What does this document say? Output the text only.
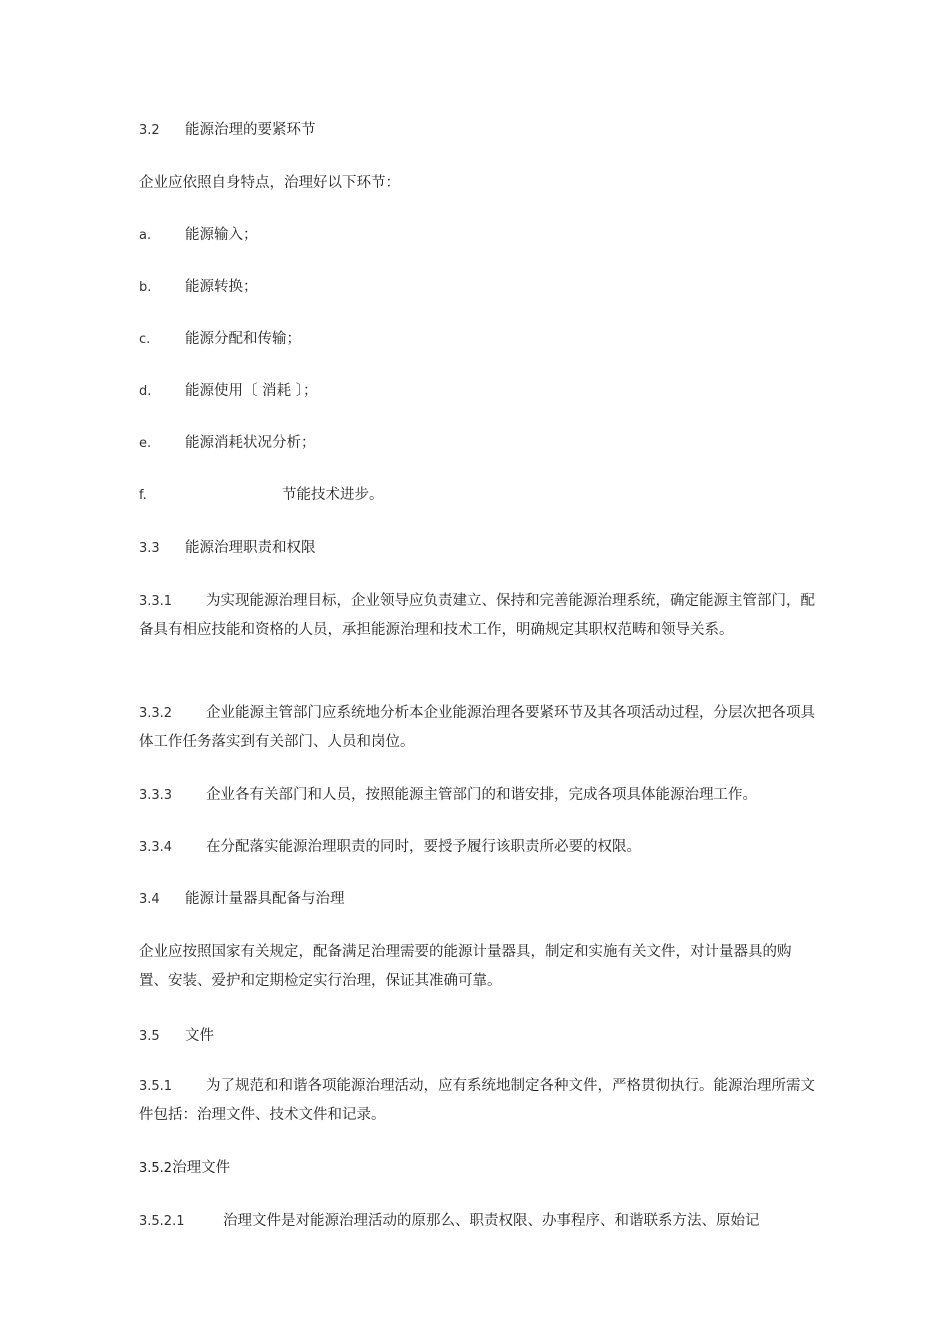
3.2 能源治理的要紧环节
企业应依照自身特点，治理好以下环节：
a. 能源输入；
b. 能源转换；
c. 能源分配和传输；
d. 能源使用〔 消耗 〕；
e. 能源消耗状况分析；
f.	节能技术进步。
3.3 能源治理职责和权限
3.3.1 为实现能源治理目标，企业领导应负责建立、保持和完善能源治理系统，确定能源主管部门，配备具有相应技能和资格的人员，承担能源治理和技术工作，明确规定其职权范畴和领导关系。
3.3.2 企业能源主管部门应系统地分析本企业能源治理各要紧环节及其各项活动过程，分层次把各项具体工作任务落实到有关部门、人员和岗位。
3.3.3 企业各有关部门和人员，按照能源主管部门的和谐安排，完成各项具体能源治理工作。
3.3.4 在分配落实能源治理职责的同时，要授予履行该职责所必要的权限。
3.4 能源计量器具配备与治理
企业应按照国家有关规定，配备满足治理需要的能源计量器具，制定和实施有关文件，对计量器具的购置、安装、爱护和定期检定实行治理，保证其准确可靠。
3.5 文件
3.5.1 为了规范和和谐各项能源治理活动，应有系统地制定各种文件，严格贯彻执行。能源治理所需文件包括：治理文件、技术文件和记录。
3.5.2治理文件
3.5.2.1	治理文件是对能源治理活动的原那么、职责权限、办事程序、和谐联系方法、原始记
